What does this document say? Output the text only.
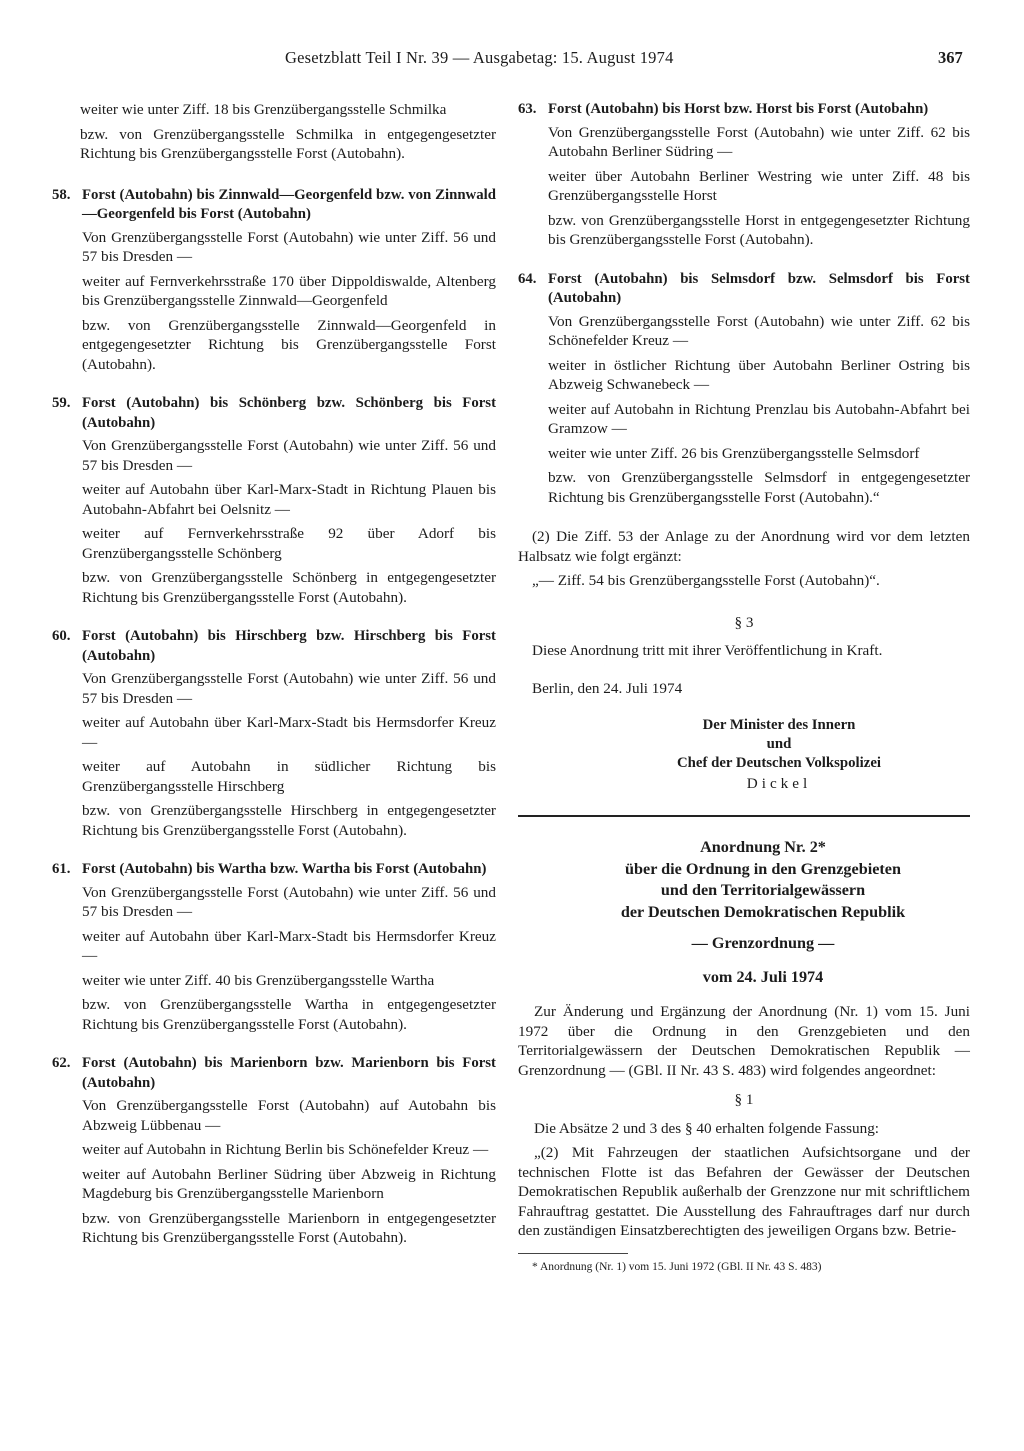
Gesetzblatt Teil I Nr. 39 — Ausgabetag: 15. August 1974	367

weiter wie unter Ziff. 18 bis Grenzübergangsstelle Schmilka

bzw. von Grenzübergangsstelle Schmilka in entgegengesetzter Richtung bis Grenzübergangsstelle Forst (Autobahn).

58. Forst (Autobahn) bis Zinnwald—Georgenfeld bzw. von Zinnwald—Georgenfeld bis Forst (Autobahn)

Von Grenzübergangsstelle Forst (Autobahn) wie unter Ziff. 56 und 57 bis Dresden —

weiter auf Fernverkehrsstraße 170 über Dippoldiswalde, Altenberg bis Grenzübergangsstelle Zinnwald—Georgenfeld

bzw. von Grenzübergangsstelle Zinnwald—Georgenfeld in entgegengesetzter Richtung bis Grenzübergangsstelle Forst (Autobahn).

59. Forst (Autobahn) bis Schönberg bzw. Schönberg bis Forst (Autobahn)

Von Grenzübergangsstelle Forst (Autobahn) wie unter Ziff. 56 und 57 bis Dresden —

weiter auf Autobahn über Karl-Marx-Stadt in Richtung Plauen bis Autobahn-Abfahrt bei Oelsnitz —

weiter auf Fernverkehrsstraße 92 über Adorf bis Grenzübergangsstelle Schönberg

bzw. von Grenzübergangsstelle Schönberg in entgegengesetzter Richtung bis Grenzübergangsstelle Forst (Autobahn).

60. Forst (Autobahn) bis Hirschberg bzw. Hirschberg bis Forst (Autobahn)

Von Grenzübergangsstelle Forst (Autobahn) wie unter Ziff. 56 und 57 bis Dresden —

weiter auf Autobahn über Karl-Marx-Stadt bis Hermsdorfer Kreuz —

weiter auf Autobahn in südlicher Richtung bis Grenzübergangsstelle Hirschberg

bzw. von Grenzübergangsstelle Hirschberg in entgegengesetzter Richtung bis Grenzübergangsstelle Forst (Autobahn).

61. Forst (Autobahn) bis Wartha bzw. Wartha bis Forst (Autobahn)

Von Grenzübergangsstelle Forst (Autobahn) wie unter Ziff. 56 und 57 bis Dresden —

weiter auf Autobahn über Karl-Marx-Stadt bis Hermsdorfer Kreuz —

weiter wie unter Ziff. 40 bis Grenzübergangsstelle Wartha

bzw. von Grenzübergangsstelle Wartha in entgegengesetzter Richtung bis Grenzübergangsstelle Forst (Autobahn).

62. Forst (Autobahn) bis Marienborn bzw. Marienborn bis Forst (Autobahn)

Von Grenzübergangsstelle Forst (Autobahn) auf Autobahn bis Abzweig Lübbenau —

weiter auf Autobahn in Richtung Berlin bis Schönefelder Kreuz —

weiter auf Autobahn Berliner Südring über Abzweig in Richtung Magdeburg bis Grenzübergangsstelle Marienborn

bzw. von Grenzübergangsstelle Marienborn in entgegengesetzter Richtung bis Grenzübergangsstelle Forst (Autobahn).

63. Forst (Autobahn) bis Horst bzw. Horst bis Forst (Autobahn)

Von Grenzübergangsstelle Forst (Autobahn) wie unter Ziff. 62 bis Autobahn Berliner Südring —

weiter über Autobahn Berliner Westring wie unter Ziff. 48 bis Grenzübergangsstelle Horst

bzw. von Grenzübergangsstelle Horst in entgegengesetzter Richtung bis Grenzübergangsstelle Forst (Autobahn).

64. Forst (Autobahn) bis Selmsdorf bzw. Selmsdorf bis Forst (Autobahn)

Von Grenzübergangsstelle Forst (Autobahn) wie unter Ziff. 62 bis Schönefelder Kreuz —

weiter in östlicher Richtung über Autobahn Berliner Ostring bis Abzweig Schwanebeck —

weiter auf Autobahn in Richtung Prenzlau bis Autobahn-Abfahrt bei Gramzow —

weiter wie unter Ziff. 26 bis Grenzübergangsstelle Selmsdorf

bzw. von Grenzübergangsstelle Selmsdorf in entgegengesetzter Richtung bis Grenzübergangsstelle Forst (Autobahn).“

(2) Die Ziff. 53 der Anlage zu der Anordnung wird vor dem letzten Halbsatz wie folgt ergänzt:

„— Ziff. 54 bis Grenzübergangsstelle Forst (Autobahn)“.

§ 3

Diese Anordnung tritt mit ihrer Veröffentlichung in Kraft.

Berlin, den 24. Juli 1974

Der Minister des Innern
und
Chef der Deutschen Volkspolizei
Dickel
Anordnung Nr. 2*
über die Ordnung in den Grenzgebieten
und den Territorialgewässern
der Deutschen Demokratischen Republik
— Grenzordnung —
vom 24. Juli 1974

Zur Änderung und Ergänzung der Anordnung (Nr. 1) vom 15. Juni 1972 über die Ordnung in den Grenzgebieten und den Territorialgewässern der Deutschen Demokratischen Republik — Grenzordnung — (GBl. II Nr. 43 S. 483) wird folgendes angeordnet:

§ 1

Die Absätze 2 und 3 des § 40 erhalten folgende Fassung:

„(2) Mit Fahrzeugen der staatlichen Aufsichtsorgane und der technischen Flotte ist das Befahren der Gewässer der Deutschen Demokratischen Republik außerhalb der Grenzzone nur mit schriftlichem Fahrauftrag gestattet. Die Ausstellung des Fahrauftrages darf nur durch den zuständigen Einsatzberechtigten des jeweiligen Organs bzw. Betrie-

* Anordnung (Nr. 1) vom 15. Juni 1972 (GBl. II Nr. 43 S. 483)
